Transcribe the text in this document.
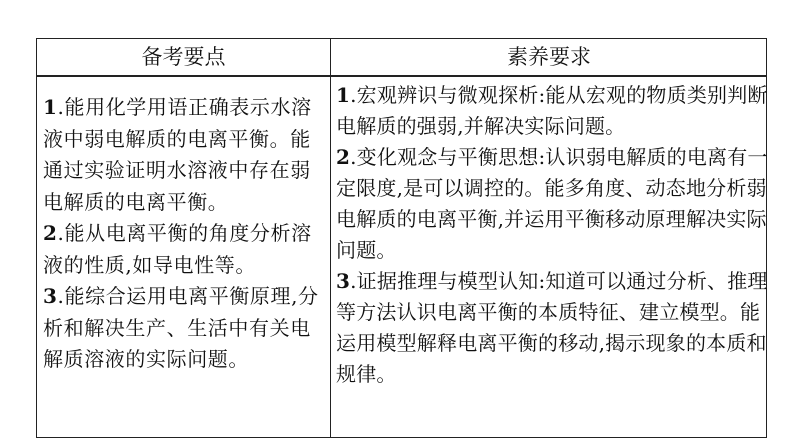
备考要点	素养要求
1.能用化学用语正确表示水溶液中弱电解质的电离平衡。能通过实验证明水溶液中存在弱电解质的电离平衡。
2.能从电离平衡的角度分析溶液的性质,如导电性等。
3.能综合运用电离平衡原理,分析和解决生产、生活中有关电解质溶液的实际问题。
1.宏观辨识与微观探析:能从宏观的物质类别判断电解质的强弱,并解决实际问题。
2.变化观念与平衡思想:认识弱电解质的电离有一定限度,是可以调控的。能多角度、动态地分析弱电解质的电离平衡,并运用平衡移动原理解决实际问题。
3.证据推理与模型认知:知道可以通过分析、推理等方法认识电离平衡的本质特征、建立模型。能运用模型解释电离平衡的移动,揭示现象的本质和规律。
